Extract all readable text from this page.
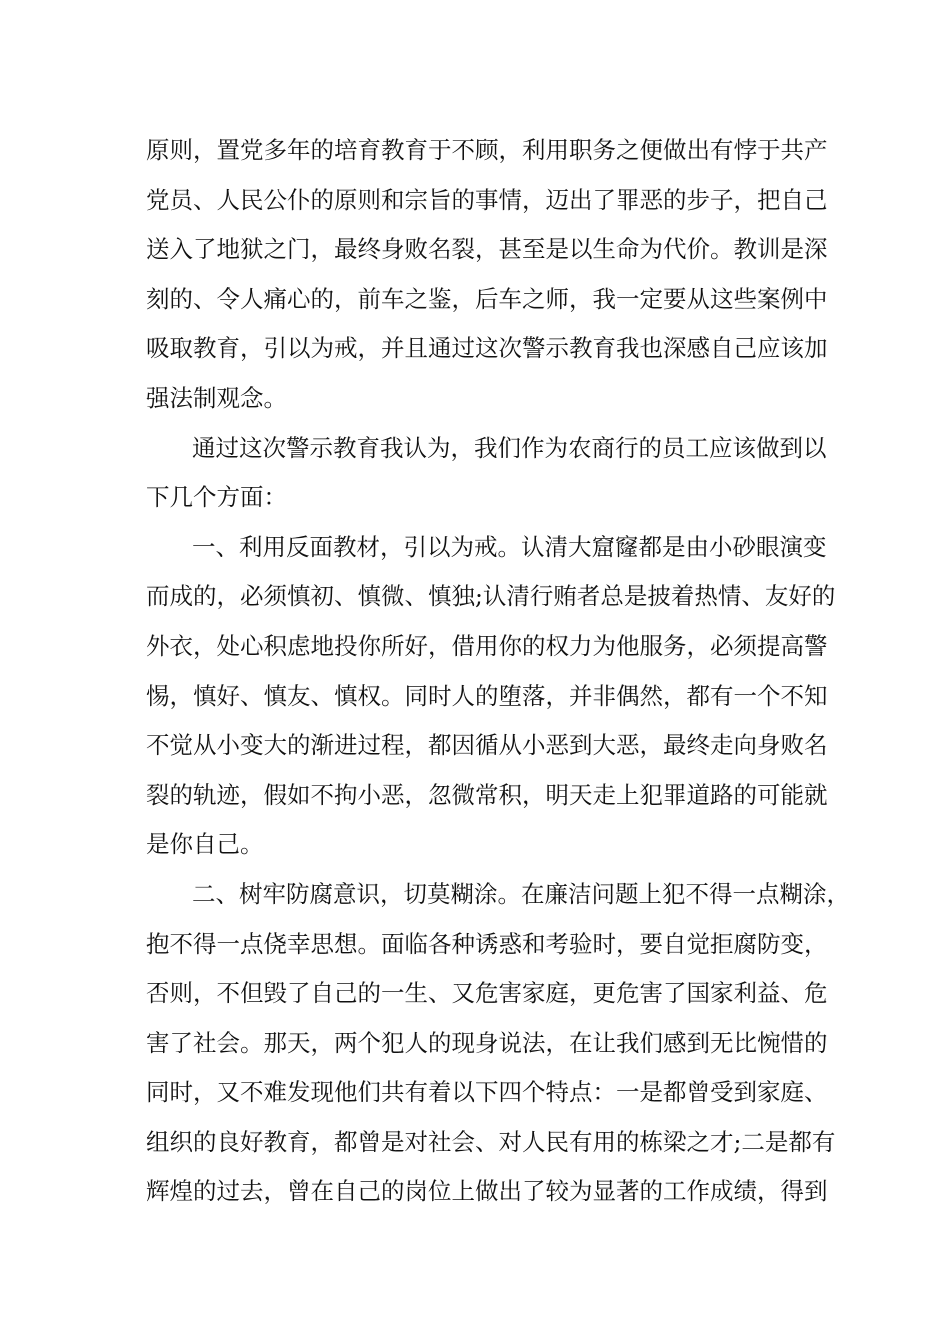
原则，置党多年的培育教育于不顾，利用职务之便做出有悖于共产
党员、人民公仆的原则和宗旨的事情，迈出了罪恶的步子，把自己
送入了地狱之门，最终身败名裂，甚至是以生命为代价。教训是深
刻的、令人痛心的，前车之鉴，后车之师，我一定要从这些案例中
吸取教育，引以为戒，并且通过这次警示教育我也深感自己应该加
强法制观念。
通过这次警示教育我认为，我们作为农商行的员工应该做到以
下几个方面：
一、利用反面教材，引以为戒。认清大窟窿都是由小砂眼演变
而成的，必须慎初、慎微、慎独;认清行贿者总是披着热情、友好的
外衣，处心积虑地投你所好，借用你的权力为他服务，必须提高警
惕，慎好、慎友、慎权。同时人的堕落，并非偶然，都有一个不知
不觉从小变大的渐进过程，都因循从小恶到大恶，最终走向身败名
裂的轨迹，假如不拘小恶，忽微常积，明天走上犯罪道路的可能就
是你自己。
二、树牢防腐意识，切莫糊涂。在廉洁问题上犯不得一点糊涂，
抱不得一点侥幸思想。面临各种诱惑和考验时，要自觉拒腐防变，
否则，不但毁了自己的一生、又危害家庭，更危害了国家利益、危
害了社会。那天，两个犯人的现身说法，在让我们感到无比惋惜的
同时，又不难发现他们共有着以下四个特点：一是都曾受到家庭、
组织的良好教育，都曾是对社会、对人民有用的栋梁之才;二是都有
辉煌的过去，曾在自己的岗位上做出了较为显著的工作成绩，得到
